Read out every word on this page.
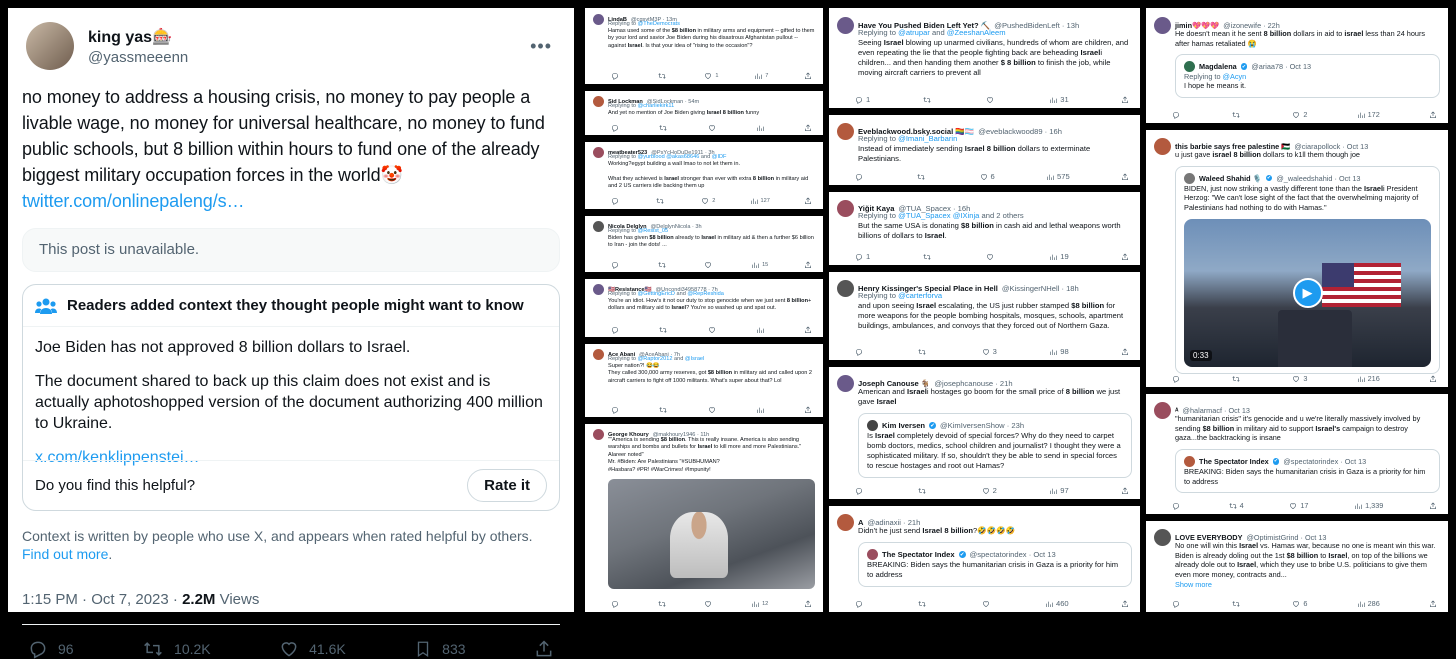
king yas🎰
@yassmeeenn
•••
no money to address a housing crisis, no money to pay people a livable wage, no money for universal healthcare, no money to fund public schools, but 8 billion within hours to fund one of the already biggest military occupation forces in the world🤡 twitter.com/onlinepaleng/s…
This post is unavailable.
Readers added context they thought people might want to know

Joe Biden has not approved 8 billion dollars to Israel.

The document shared to back up this claim does not exist and is actually aphotoshopped version of the document authorizing 400 million to Ukraine.

x.com/kenklippenstei…

Do you find this helpful?	Rate it
Context is written by people who use X, and appears when rated helpful by others. Find out more.
1:15 PM · Oct 7, 2023 · 2.2M Views
96	10.2K	41.6K	833
LindaB @cgsvtM3P · 13m
Replying to @TheDemocrats
Hamas used some of the $8 billion in military arms and equipment -- gifted to them by your lord and savior Joe Biden during his disastrous Afghanistan pullout -- against Israel. Is that your idea of "rising to the occasion"?
1	7
Sid Lockman @SidLockman · 54m
Replying to @charliekirk11
And yet no mention of Joe Biden giving Israel 8 billion funny
meatbeater523 @PsYcHoDuDe1911 · 3h
Replying to @yurblood @akas68646 and @IDF
Working?egypt building a wall lmao to not let them in.

What they achieved is Israel stronger than ever with extra 8 billion in military aid and 2 US carriers idle backing them up
2	127
Nicola Delglyn @DelglynNicola · 3h
Replying to @Resist_05
Biden has given $8 billion already to Israel in military aid & then a further $6 billion to Iran - join the dots! ...
15
🇺🇸Resistance🇺🇸 @Uncondi34958778 · 7h
Replying to @GettingEricD and @RepReshida
You're an idiot. How's it not our duty to stop genocide when we just sent 8 billion+ dollars and military aid to Israel? You're so washed up and spat out.
Ace Abani @AceAbani · 7h
Replying to @Raptor2012 and @Israel
Super nation?! 😂😂
They called 300,000 army reserves, got $8 billion in military aid and called upon 2 aircraft carriers to fight off 1000 militants. What's super about that? Lol
George Khoury @makhoury1946 · 11h
""America is sending $8 billion. This is really insane. America is also sending warships and bombs and bullets for Israel to kill more and more Palestinians." Alareer noted"
Mr. #Biden: Are Palestinians "#SUBHUMAN?
#Hasbara? #PR! #WarCrimes! #Impunity!
12
Have You Pushed Biden Left Yet? ⛏️ @PushedBidenLeft · 13h
Replying to @atrupar and @ZeeshanAleem
Seeing Israel blowing up unarmed civilians, hundreds of whom are children, and even repeating the lie that the people fighting back are beheading Israeli children... and then handing them another $ 8 billion to finish the job, while moving aircraft carriers to prevent all
1	31
Eveblackwood.bsky.social 🏳️‍🌈🏳️‍⚧️ @eveblackwood89 · 16h
Replying to @Imani_Barbarin
Instead of immediately sending Israel 8 billion dollars to exterminate Palestinians.
6	575
Yiğit Kaya @TUA_Spacex · 16h
Replying to @TUA_Spacex @IXinja and 2 others
But the same USA is donating $8 billion in cash aid and lethal weapons worth billions of dollars to Israel.
1	19
Henry Kissinger's Special Place in Hell @KissingerNHell · 18h
Replying to @carterforva
and upon seeing Israel escalating, the US just rubber stamped $8 billion for more weapons for the people bombing hospitals, mosques, schools, apartment buildings, ambulances, and convoys that they forced out of Northern Gaza.
3	98
Joseph Canouse 🐐 @josephcanouse · 21h
American and Israeli hostages go boom for the small price of 8 billion we just gave Israel
Kim Iversen ✔ @KimIversenShow · 23h
Is Israel completely devoid of special forces? Why do they need to carpet bomb doctors, medics, school children and journalist? I thought they were a sophisticated military. If so, shouldn't they be able to send in special forces to rescue hostages and root out Hamas?
2	97
A @adinaxii · 21h
Didn't he just send Israel 8 billion?🤣🤣🤣🤣
The Spectator Index ✔ @spectatorindex · Oct 13
BREAKING: Biden says the humanitarian crisis in Gaza is a priority for him to address
460
jimin💖💖💖 @izonewife · 22h
He doesn't mean it he sent 8 billion dollars in aid to israel less than 24 hours after hamas retaliated 😭
Magdalena ✔ @ariaa78 · Oct 13
Replying to @Acyn
I hope he means it.
2	172
this barbie says free palestine 🇵🇸 @ciarapollock · Oct 13
u just gave israel 8 billion dollars to k1ll them though joe
Waleed Shahid 🎙️ ✔ @_waleedshahid · Oct 13
BIDEN, just now striking a vastly different tone than the Israeli President Herzog: "We can't lose sight of the fact that the overwhelming majority of Palestinians had nothing to do with Hamas."
▶
0:33
3	216
ᴬ @halarmacf · Oct 13
"humanitarian crisis" it's genocide and u we're literally massively involved by sending $8 billion in military aid to support Israel's campaign to destroy gaza...the backtracking is insane
The Spectator Index ✔ @spectatorindex · Oct 13
BREAKING: Biden says the humanitarian crisis in Gaza is a priority for him to address
4	17	1,339
LOVE EVERYBODY @OptimistGrind · Oct 13
No one will win this Israel vs. Hamas war, because no one is meant win this war. Biden is already doling out the 1st $8 billion to Israel, on top of the billions we already dole out to Israel, which they use to bribe U.S. politicians to give them even more money, contracts and...
Show more
6	286
